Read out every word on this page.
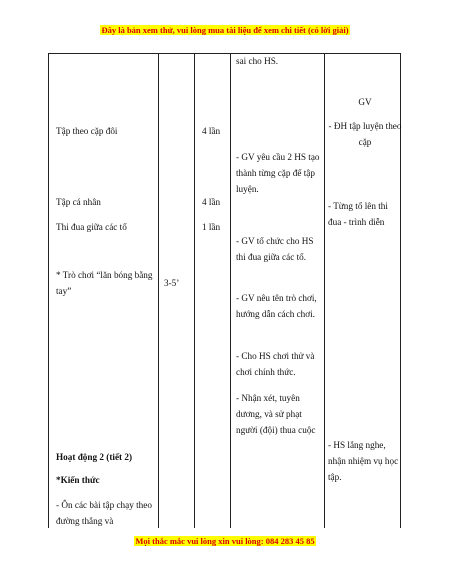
Đây là bản xem thử, vui lòng mua tài liệu để xem chi tiết (có lời giải)
Tập theo cặp đôi
Tập cá nhân
Thi đua giữa các tổ
* Trò chơi “lăn bóng bằng tay”
Hoạt động 2 (tiết 2)
*Kiến thức
- Ôn các bài tập chạy theo đường thẳng và
3-5’
4 lần
4 lần
1 lần
sai cho HS.
- GV yêu cầu 2 HS tạo thành từng cặp để tập luyện.
- GV tổ chức cho HS thi đua giữa các tổ.
- GV nêu tên trò chơi, hướng dẫn cách chơi.
- Cho HS chơi thử và chơi chính thức.
- Nhận xét, tuyên dương, và sử phạt người (đội) thua cuộc
GV
- ĐH tập luyện theo cặp
- Từng tổ lên thi đua - trình diễn
- HS lắng nghe, nhận nhiệm vụ học tập.
Mọi thắc mắc vui lòng xin vui lòng: 084 283 45 85
